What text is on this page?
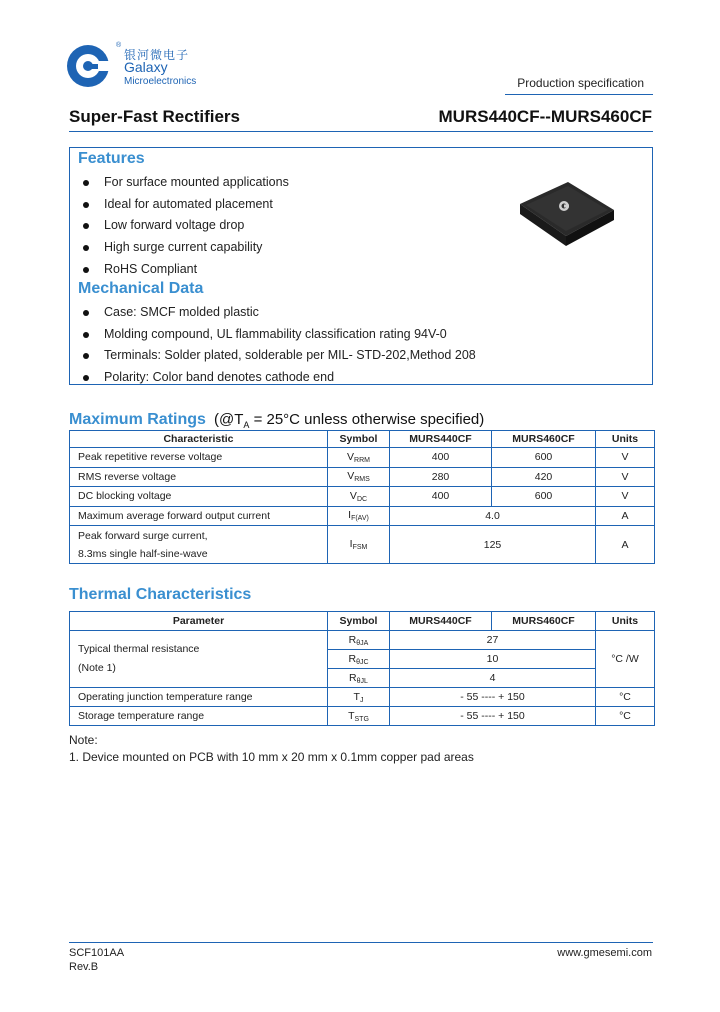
®
银河微电子
Galaxy
Microelectronics	Production specification
Super-Fast Rectifiers	MURS440CF--MURS460CF
Features
For surface mounted applications
Ideal for automated placement
Low forward voltage drop
High surge current capability
RoHS Compliant
Mechanical Data
Case: SMCF molded plastic
Molding compound, UL flammability classification rating 94V-0
Terminals: Solder plated, solderable per MIL- STD-202,Method 208
Polarity: Color band denotes cathode end
Maximum Ratings ($@T_A = 25^\circ C$ unless otherwise specified)
Characteristic	Symbol	MURS440CF	MURS460CF	Units
Peak repetitive reverse voltage	VRRM	400	600	V
RMS reverse voltage	VRMS	280	420	V
DC blocking voltage	VDC	400	600	V
Maximum average forward output current	IF(AV)	4.0		A

Peak forward surge current,
8.3ms single half-sine-wave	IFSM	125		A
Thermal Characteristics
Parameter	Symbol	MURS440CF	MURS460CF	Units

Typical thermal resistance
(Note 1)	RθJA	27		°C /W
	RθJC	10		
	RθJL	4		
Operating junction temperature range	TJ	- 55 ---- + 150		°C
Storage temperature range	TSTG	- 55 ---- + 150		°C
Note:
1. Device mounted on PCB with 10 mm x 20 mm x 0.1mm copper pad areas
SCF101AA
Rev.B
www.gmesemi.com
